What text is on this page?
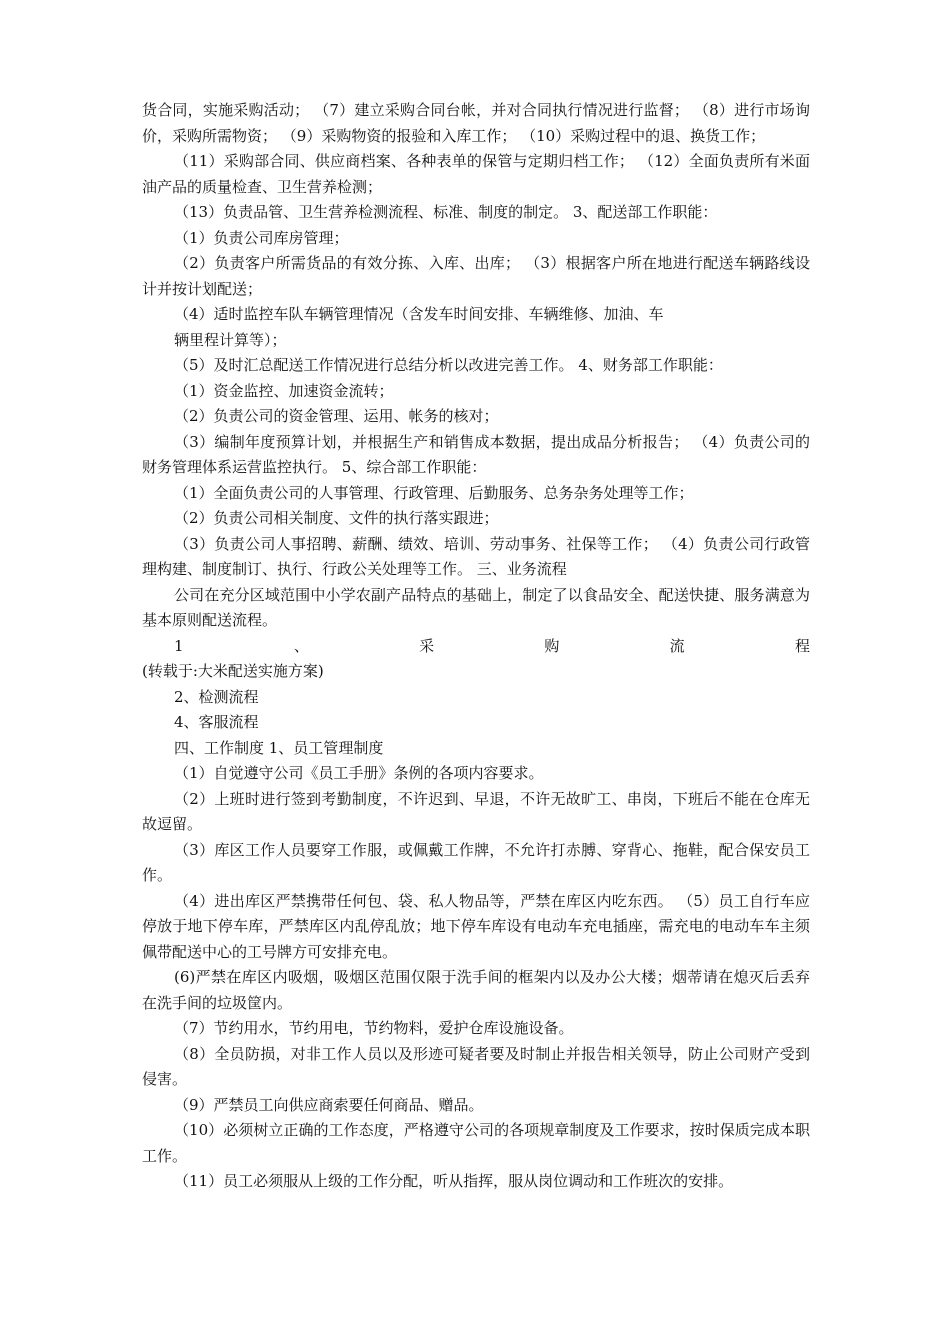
货合同，实施采购活动； （7）建立采购合同台帐，并对合同执行情况进行监督； （8）进行市场询价，采购所需物资； （9）采购物资的报验和入库工作； （10）采购过程中的退、换货工作；

（11）采购部合同、供应商档案、各种表单的保管与定期归档工作； （12）全面负责所有米面油产品的质量检查、卫生营养检测；

（13）负责品管、卫生营养检测流程、标准、制度的制定。 3、配送部工作职能：

（1）负责公司库房管理；

（2）负责客户所需货品的有效分拣、入库、出库； （3）根据客户所在地进行配送车辆路线设计并按计划配送；

（4）适时监控车队车辆管理情况（含发车时间安排、车辆维修、加油、车

辆里程计算等）；

（5）及时汇总配送工作情况进行总结分析以改进完善工作。 4、财务部工作职能：

（1）资金监控、加速资金流转；

（2）负责公司的资金管理、运用、帐务的核对；

（3）编制年度预算计划，并根据生产和销售成本数据，提出成品分析报告； （4）负责公司的财务管理体系运营监控执行。 5、综合部工作职能：

（1）全面负责公司的人事管理、行政管理、后勤服务、总务杂务处理等工作；

（2）负责公司相关制度、文件的执行落实跟进；

（3）负责公司人事招聘、薪酬、绩效、培训、劳动事务、社保等工作； （4）负责公司行政管理构建、制度制订、执行、行政公关处理等工作。 三、业务流程

公司在充分区域范围中小学农副产品特点的基础上，制定了以食品安全、配送快捷、服务满意为基本原则配送流程。

1	、	采	购	流	程

(转载于:大米配送实施方案)

2、检测流程

4、客服流程

四、工作制度 1、员工管理制度

（1）自觉遵守公司《员工手册》条例的各项内容要求。

（2）上班时进行签到考勤制度，不许迟到、早退，不许无故旷工、串岗，下班后不能在仓库无故逗留。

（3）库区工作人员要穿工作服，或佩戴工作牌，不允许打赤膊、穿背心、拖鞋，配合保安员工作。

（4）进出库区严禁携带任何包、袋、私人物品等，严禁在库区内吃东西。 （5）员工自行车应停放于地下停车库，严禁库区内乱停乱放；地下停车库设有电动车充电插座，需充电的电动车车主须佩带配送中心的工号牌方可安排充电。

(6)严禁在库区内吸烟，吸烟区范围仅限于洗手间的框架内以及办公大楼；烟蒂请在熄灭后丢弃在洗手间的垃圾筐内。

（7）节约用水，节约用电，节约物料，爱护仓库设施设备。

（8）全员防损，对非工作人员以及形迹可疑者要及时制止并报告相关领导，防止公司财产受到侵害。

（9）严禁员工向供应商索要任何商品、赠品。

（10）必须树立正确的工作态度，严格遵守公司的各项规章制度及工作要求，按时保质完成本职工作。

（11）员工必须服从上级的工作分配，听从指挥，服从岗位调动和工作班次的安排。
